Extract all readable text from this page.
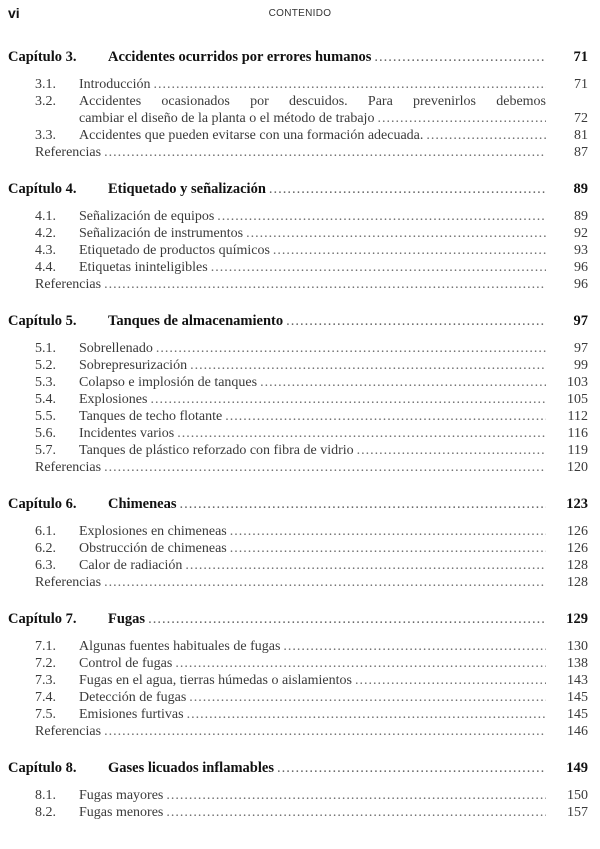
vi	CONTENIDO
Capítulo 3.	Accidentes ocurridos por errores humanos .....	71
3.1.	Introducción .....	71
3.2.	Accidentes ocasionados por descuidos. Para prevenirlos debemos
cambiar el diseño de la planta o el método de trabajo .....	72
3.3.	Accidentes que pueden evitarse con una formación adecuada. .....	81
Referencias .....	87
Capítulo 4.	Etiquetado y señalización .....	89
4.1.	Señalización de equipos .....	89
4.2.	Señalización de instrumentos .....	92
4.3.	Etiquetado de productos químicos .....	93
4.4.	Etiquetas ininteligibles .....	96
Referencias .....	96
Capítulo 5.	Tanques de almacenamiento .....	97
5.1.	Sobrellenado .....	97
5.2.	Sobrepresurización .....	99
5.3.	Colapso e implosión de tanques .....	103
5.4.	Explosiones .....	105
5.5.	Tanques de techo flotante .....	112
5.6.	Incidentes varios .....	116
5.7.	Tanques de plástico reforzado con fibra de vidrio .....	119
Referencias .....	120
Capítulo 6.	Chimeneas .....	123
6.1.	Explosiones en chimeneas .....	126
6.2.	Obstrucción de chimeneas .....	126
6.3.	Calor de radiación .....	128
Referencias .....	128
Capítulo 7.	Fugas .....	129
7.1.	Algunas fuentes habituales de fugas .....	130
7.2.	Control de fugas .....	138
7.3.	Fugas en el agua, tierras húmedas o aislamientos .....	143
7.4.	Detección de fugas .....	145
7.5.	Emisiones furtivas .....	145
Referencias .....	146
Capítulo 8.	Gases licuados inflamables .....	149
8.1.	Fugas mayores .....	150
8.2.	Fugas menores .....	157
